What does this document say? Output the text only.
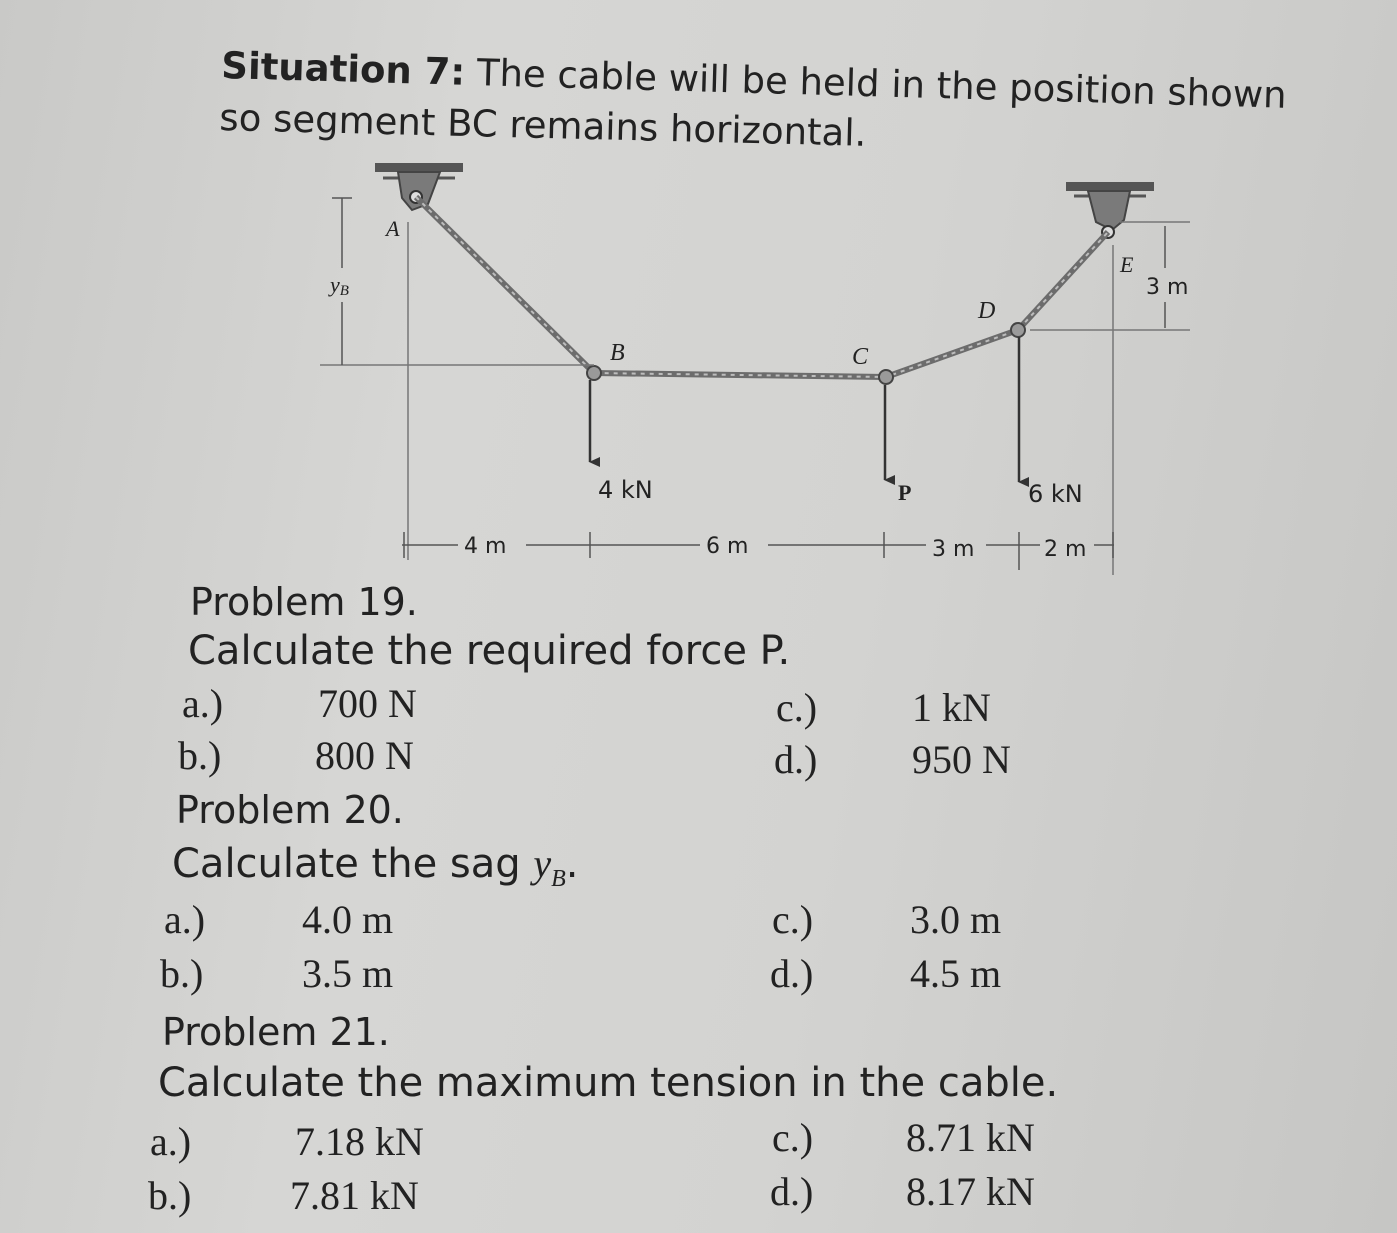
Situation 7: The cable will be held in the position shown
so segment BC remains horizontal.
yB	3 m
A
B	C
D
E
4 kN	P	6 kN
4 m	6 m	3 m	2 m
Problem 19.
Calculate the required force P.
a.) 700 N
b.) 800 N
c.) 1 kN
d.) 950 N
Problem 20.
Calculate the sag $y_B$.
a.) 4.0 m
b.) 3.5 m
c.) 3.0 m
d.) 4.5 m
Problem 21.
Calculate the maximum tension in the cable.
a.)	7.18 kN
b.) 7.81 kN
c.) 8.71 kN
d.) 8.17 kN
